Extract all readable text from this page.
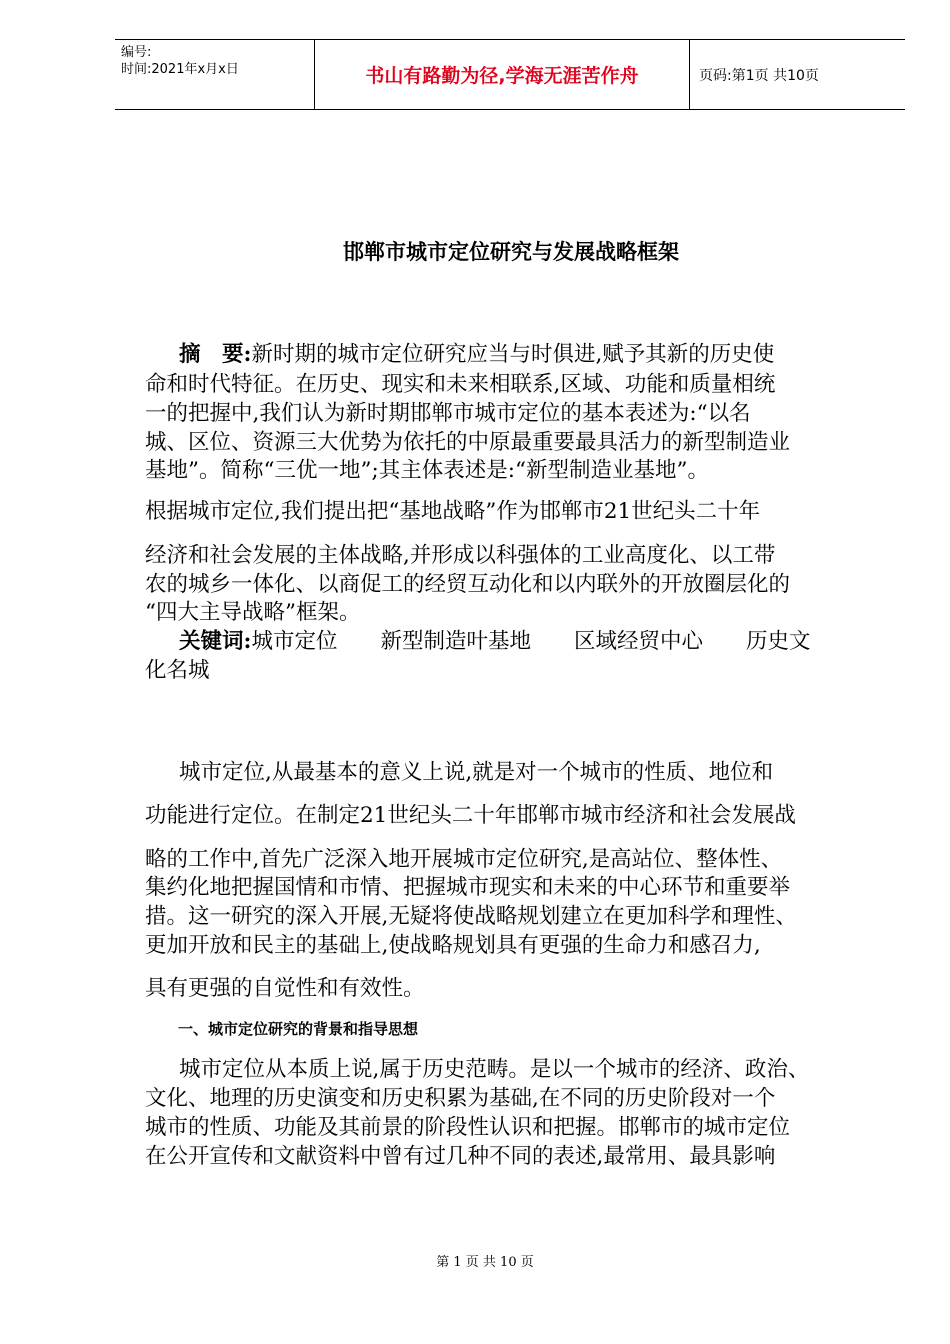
编号:
时间:2021年x月x日	书山有路勤为径,学海无涯苦作舟	页码:第1页 共10页
邯郸市城市定位研究与发展战略框架
摘　要:新时期的城市定位研究应当与时俱进,赋予其新的历史使
命和时代特征。在历史、现实和未来相联系,区域、功能和质量相统
一的把握中,我们认为新时期邯郸市城市定位的基本表述为:“以名
城、区位、资源三大优势为依托的中原最重要最具活力的新型制造业
基地”。简称“三优一地”;其主体表述是:“新型制造业基地”。
根据城市定位,我们提出把“基地战略”作为邯郸市21世纪头二十年
经济和社会发展的主体战略,并形成以科强体的工业高度化、以工带
农的城乡一体化、以商促工的经贸互动化和以内联外的开放圈层化的
“四大主导战略”框架。
关键词:城市定位　　新型制造叶基地　　区域经贸中心　　历史文
化名城
城市定位,从最基本的意义上说,就是对一个城市的性质、地位和
功能进行定位。在制定21世纪头二十年邯郸市城市经济和社会发展战
略的工作中,首先广泛深入地开展城市定位研究,是高站位、整体性、
集约化地把握国情和市情、把握城市现实和未来的中心环节和重要举
措。这一研究的深入开展,无疑将使战略规划建立在更加科学和理性、
更加开放和民主的基础上,使战略规划具有更强的生命力和感召力,
具有更强的自觉性和有效性。
一、城市定位研究的背景和指导思想
城市定位从本质上说,属于历史范畴。是以一个城市的经济、政治、
文化、地理的历史演变和历史积累为基础,在不同的历史阶段对一个
城市的性质、功能及其前景的阶段性认识和把握。邯郸市的城市定位
在公开宣传和文献资料中曾有过几种不同的表述,最常用、最具影响
第 1 页 共 10 页
